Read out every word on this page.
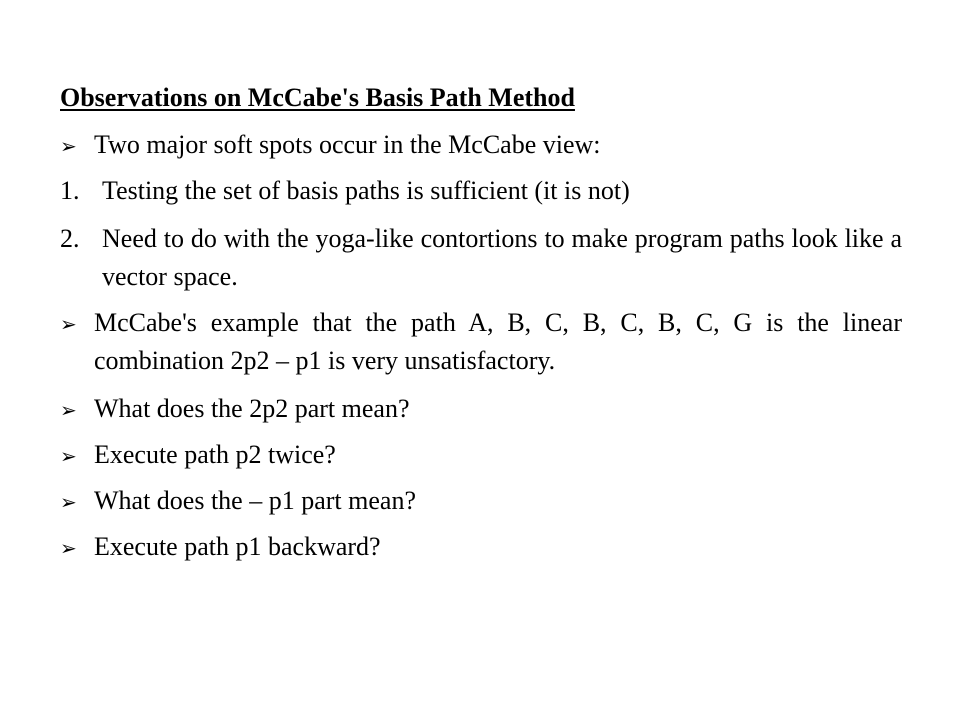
Observations on McCabe's Basis Path Method
➢ Two major soft spots occur in the McCabe view:
1. Testing the set of basis paths is sufficient (it is not)
2. Need to do with the yoga-like contortions to make program paths look like a vector space.
➢ McCabe's example that the path A, B, C, B, C, B, C, G is the linear combination 2p2 – p1 is very unsatisfactory.
➢ What does the 2p2 part mean?
➢ Execute path p2 twice?
➢ What does the – p1 part mean?
➢ Execute path p1 backward?
